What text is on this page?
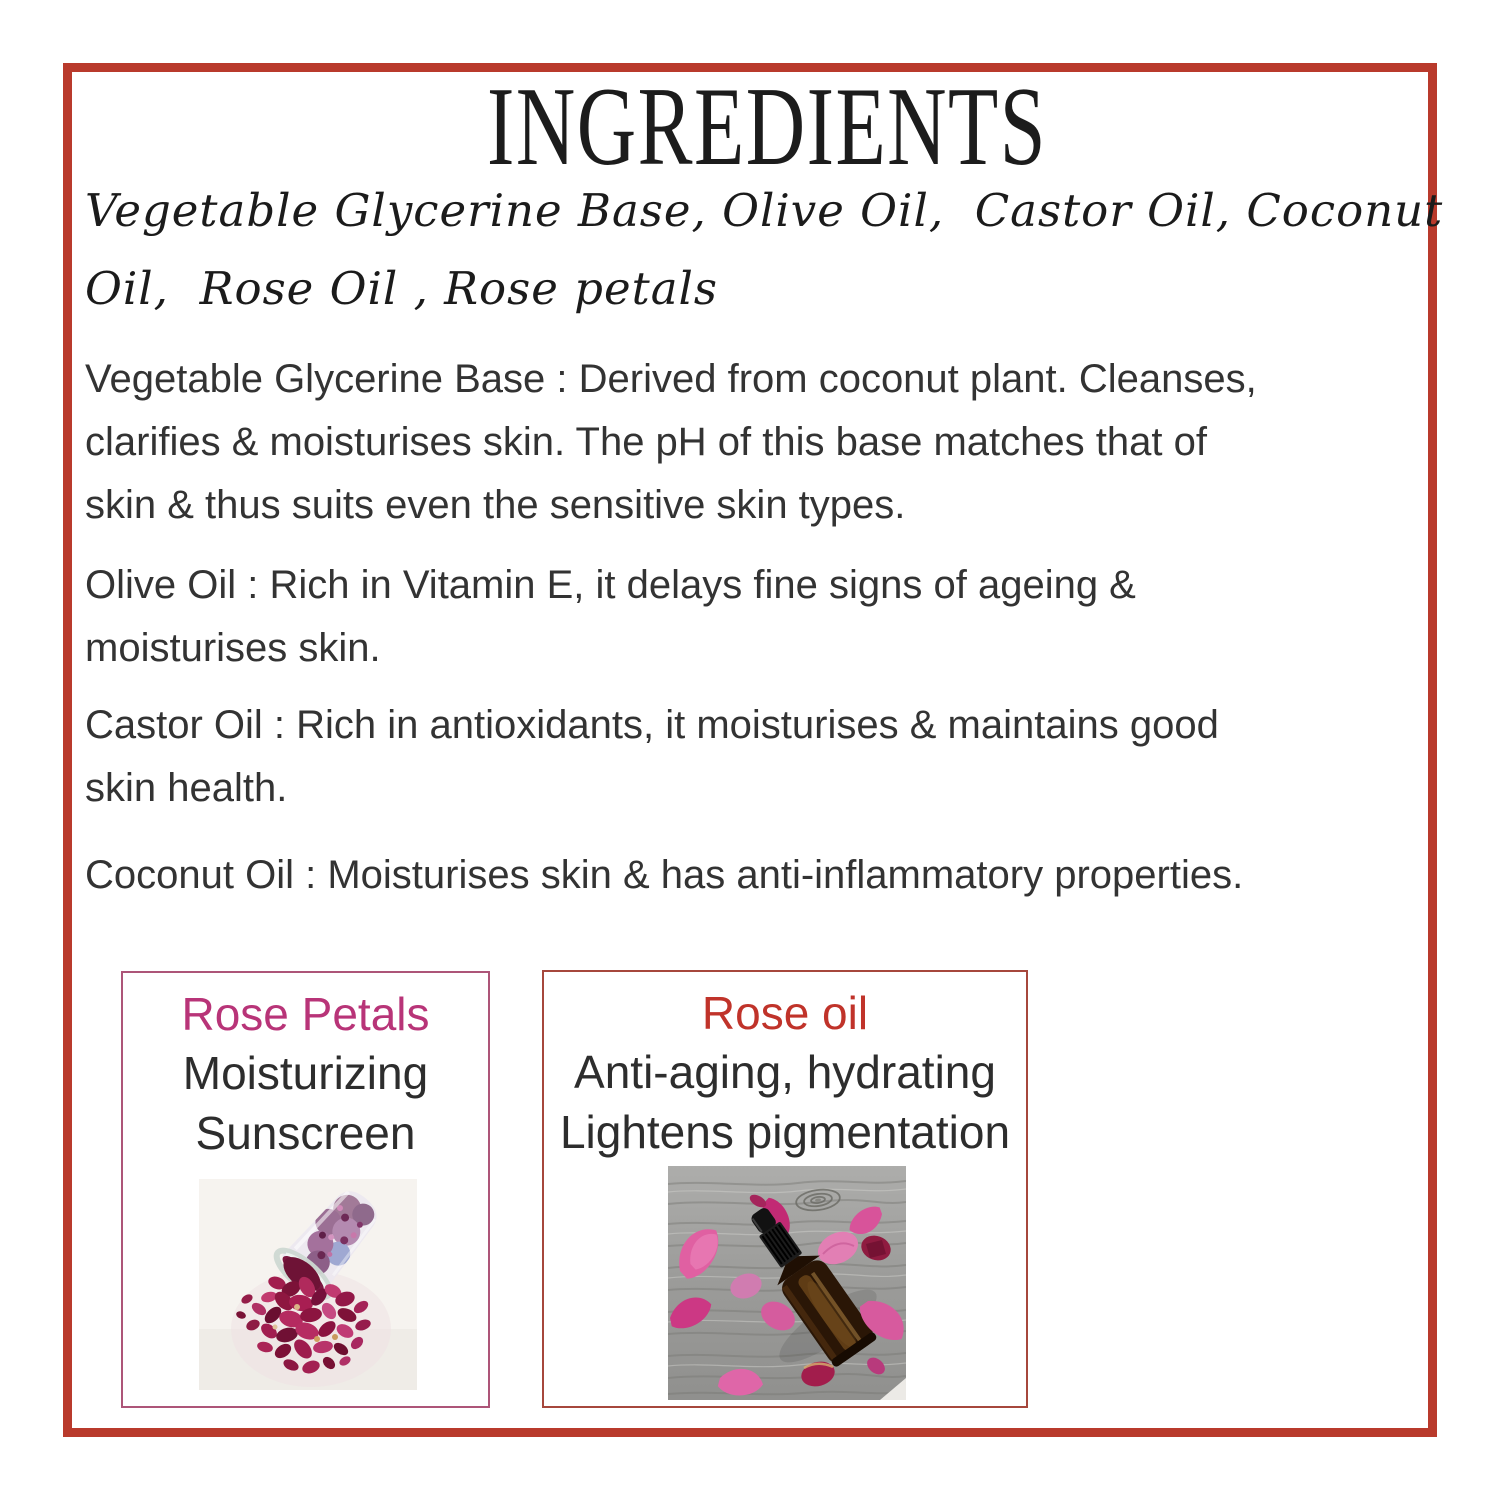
INGREDIENTS
Vegetable Glycerine Base, Olive Oil,  Castor Oil, Coconut
Oil,  Rose Oil , Rose petals
Vegetable Glycerine Base : Derived from coconut plant. Cleanses,
clarifies & moisturises skin. The pH of this base matches that of
skin & thus suits even the sensitive skin types.
Olive Oil : Rich in Vitamin E, it delays fine signs of ageing &
moisturises skin.
Castor Oil : Rich in antioxidants, it moisturises & maintains good
skin health.
Coconut Oil : Moisturises skin & has anti-inflammatory properties.
Rose Petals
Moisturizing
Sunscreen
Rose oil
Anti-aging, hydrating
Lightens pigmentation
